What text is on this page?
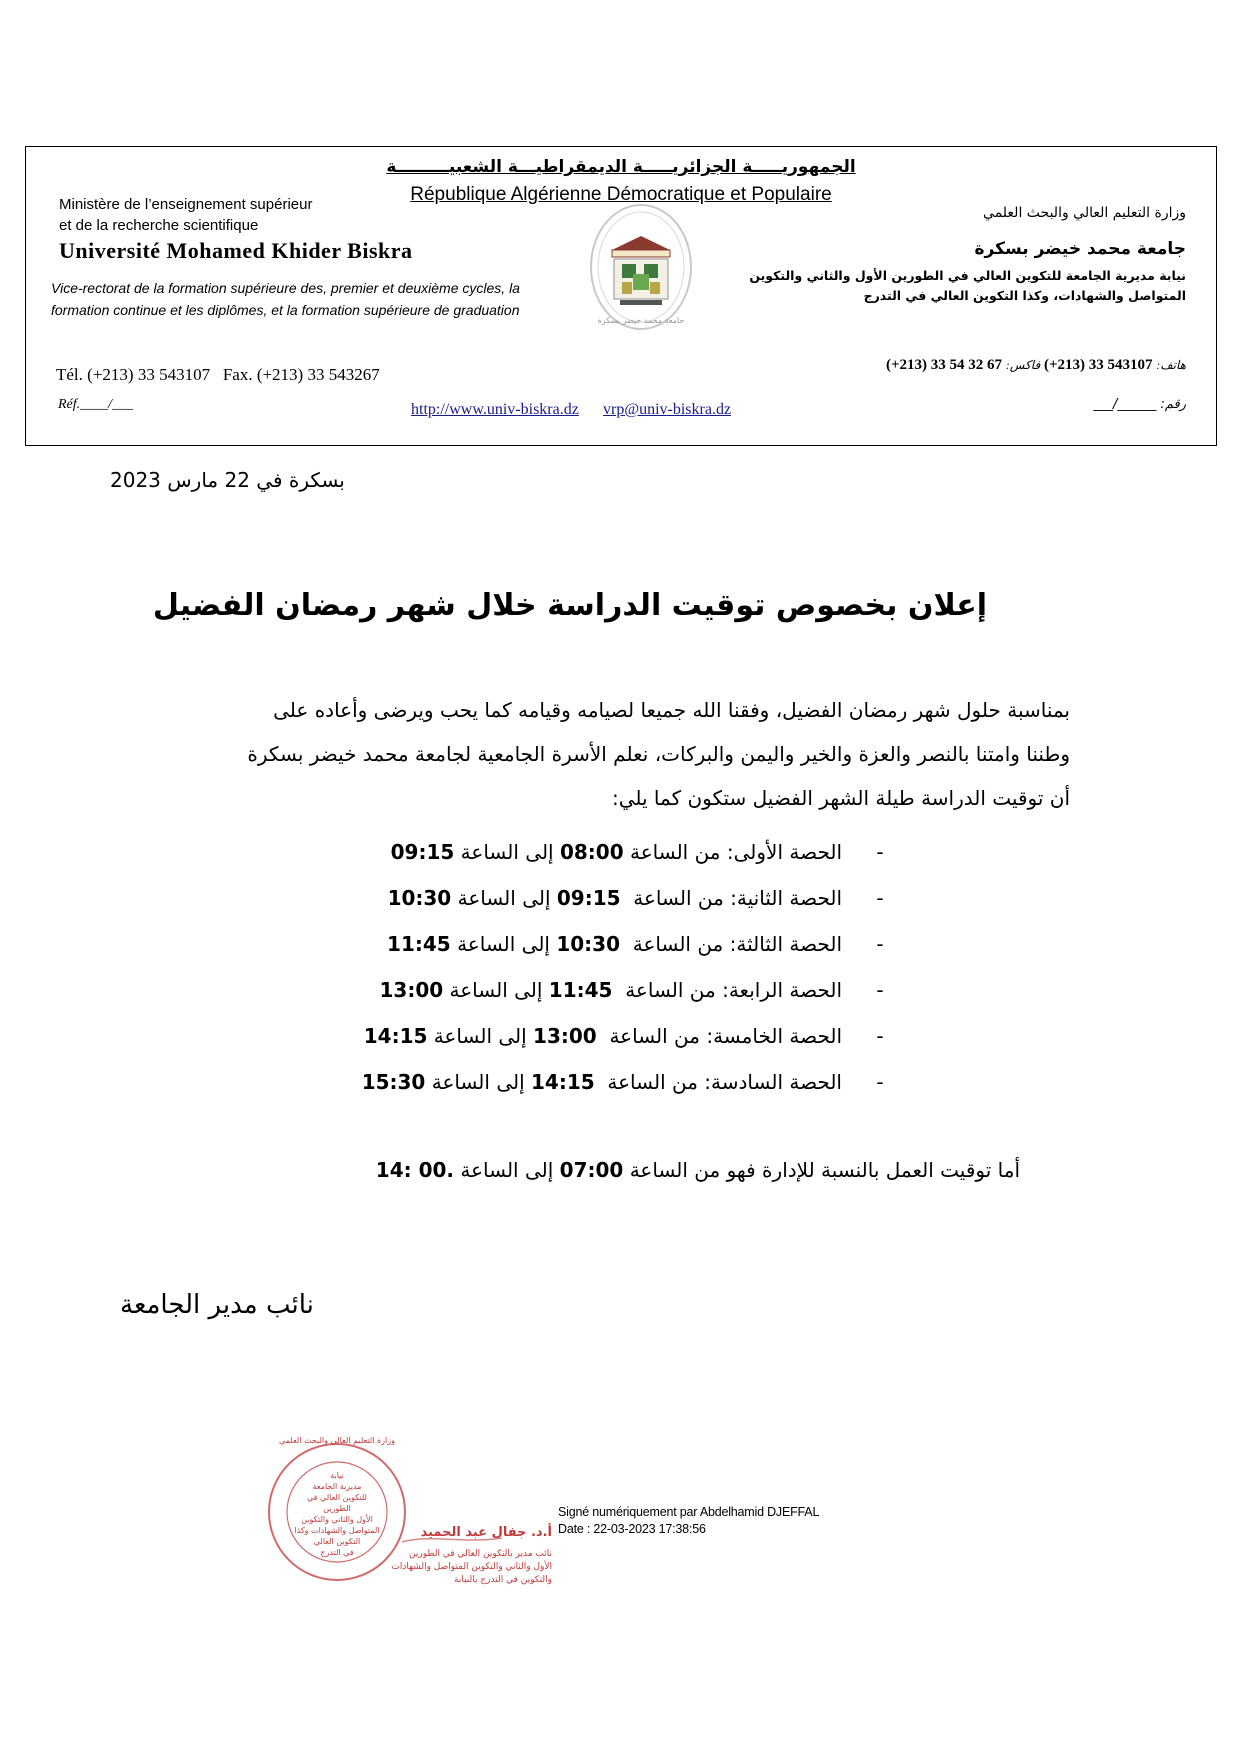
الجمهوريـــــة الجزائريـــــة الديمقراطيـــة الشعبيـــــــــة
République Algérienne Démocratique et Populaire
Ministère de l’enseignement supérieur
et de la recherche scientifique
Université Mohamed Khider Biskra
Vice-rectorat de la formation supérieure des, premier et deuxième cycles, la
formation continue et les diplômes, et la formation supérieure de graduation
Tél. (+213) 33 543107   Fax. (+213) 33 543267
Réf.____/___
جامعة محمد خيضر بسكرة
وزارة التعليم العالي والبحث العلمي
جامعة محمد خيضر بسكرة
نيابة مديرية الجامعة للتكوين العالي في الطورين الأول والثاني والتكوين
المتواصل والشهادات، وكذا التكوين العالي في التدرج
هاتف: (+213) 33 543107 فاكس: (+213) 33 54 32 67
رقم: ______/___
http://www.univ-biskra.dz vrp@univ-biskra.dz
بسكرة في 22 مارس 2023
إعلان بخصوص توقيت الدراسة خلال شهر رمضان الفضيل
بمناسبة حلول شهر رمضان الفضيل، وفقنا الله جميعا لصيامه وقيامه كما يحب ويرضى وأعاده على
وطننا وامتنا بالنصر والعزة والخير واليمن والبركات، نعلم الأسرة الجامعية لجامعة محمد خيضر بسكرة
أن توقيت الدراسة طيلة الشهر الفضيل ستكون كما يلي:
-
الحصة الأولى: من الساعة 08:00 إلى الساعة 09:15
-
الحصة الثانية: من الساعة  09:15 إلى الساعة 10:30
-
الحصة الثالثة: من الساعة  10:30 إلى الساعة 11:45
-
الحصة الرابعة: من الساعة  11:45 إلى الساعة 13:00
-
الحصة الخامسة: من الساعة  13:00 إلى الساعة 14:15
-
الحصة السادسة: من الساعة  14:15 إلى الساعة 15:30
أما توقيت العمل بالنسبة للإدارة فهو من الساعة 07:00 إلى الساعة 14: 00.
نائب مدير الجامعة
وزارة التعليم العالي والبحث العلمي
نيابة
مديرية الجامعة
للتكوين العالي في الطورين
الأول والثاني والتكوين
المتواصل والشهادات وكذا
التكوين العالي
في التدرج
أ.د. جفال عبد الحميد
نائب مدير بالتكوين العالي في الطورين
الأول والثاني والتكوين المتواصل والشهادات
والتكوين في التدرج بالنيابة
Signé numériquement par Abdelhamid DJEFFAL
Date : 22-03-2023 17:38:56
